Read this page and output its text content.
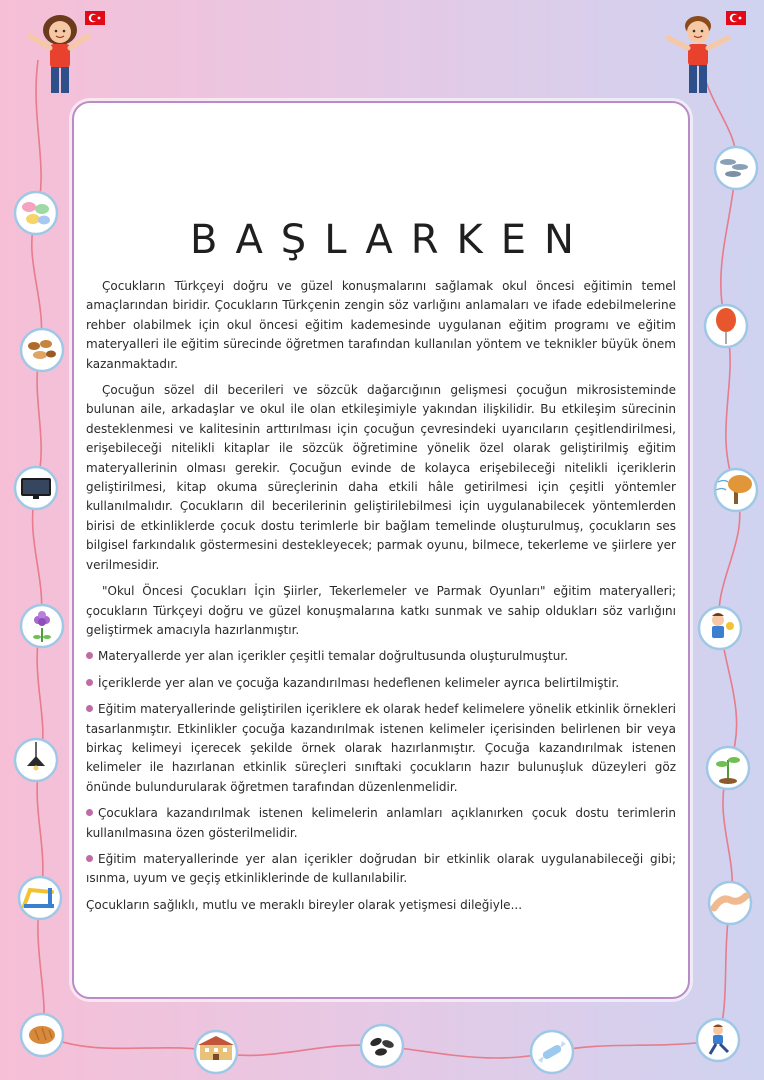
BAŞLARKEN

Çocukların Türkçeyi doğru ve güzel konuşmalarını sağlamak okul öncesi eğitimin temel amaçlarından biridir. Çocukların Türkçenin zengin söz varlığını anlamaları ve ifade edebilmelerine rehber olabilmek için okul öncesi eğitim kademesinde uygulanan eğitim programı ve eğitim materyalleri ile eğitim sürecinde öğretmen tarafından kullanılan yöntem ve teknikler büyük önem kazanmaktadır.

Çocuğun sözel dil becerileri ve sözcük dağarcığının gelişmesi çocuğun mikrosisteminde bulunan aile, arkadaşlar ve okul ile olan etkileşimiyle yakından ilişkilidir. Bu etkileşim sürecinin desteklenmesi ve kalitesinin arttırılması için çocuğun çevresindeki uyarıcıların çeşitlendirilmesi, erişebileceği nitelikli kitaplar ile sözcük öğretimine yönelik özel olarak geliştirilmiş eğitim materyallerinin olması gerekir. Çocuğun evinde de kolayca erişebileceği nitelikli içeriklerin geliştirilmesi, kitap okuma süreçlerinin daha etkili hâle getirilmesi için çeşitli yöntemler kullanılmalıdır. Çocukların dil becerilerinin geliştirilebilmesi için uygulanabilecek yöntemlerden birisi de etkinliklerde çocuk dostu terimlerle bir bağlam temelinde oluşturulmuş, çocukların ses bilgisel farkındalık göstermesini destekleyecek; parmak oyunu, bilmece, tekerleme ve şiirlere yer verilmesidir.

"Okul Öncesi Çocukları İçin Şiirler, Tekerlemeler ve Parmak Oyunları" eğitim materyalleri; çocukların Türkçeyi doğru ve güzel konuşmalarına katkı sunmak ve sahip oldukları söz varlığını geliştirmek amacıyla hazırlanmıştır.

Materyallerde yer alan içerikler çeşitli temalar doğrultusunda oluşturulmuştur.
İçeriklerde yer alan ve çocuğa kazandırılması hedeflenen kelimeler ayrıca belirtilmiştir.
Eğitim materyallerinde geliştirilen içeriklere ek olarak hedef kelimelere yönelik etkinlik örnekleri tasarlanmıştır. Etkinlikler çocuğa kazandırılmak istenen kelimeler içerisinden belirlenen bir veya birkaç kelimeyi içerecek şekilde örnek olarak hazırlanmıştır. Çocuğa kazandırılmak istenen kelimeler ile hazırlanan etkinlik süreçleri sınıftaki çocukların hazır bulunuşluk düzeyleri göz önünde bulundurularak öğretmen tarafından düzenlenmelidir.
Çocuklara kazandırılmak istenen kelimelerin anlamları açıklanırken çocuk dostu terimlerin kullanılmasına özen gösterilmelidir.
Eğitim materyallerinde yer alan içerikler doğrudan bir etkinlik olarak uygulanabileceği gibi; ısınma, uyum ve geçiş etkinliklerinde de kullanılabilir.

Çocukların sağlıklı, mutlu ve meraklı bireyler olarak yetişmesi dileğiyle...
